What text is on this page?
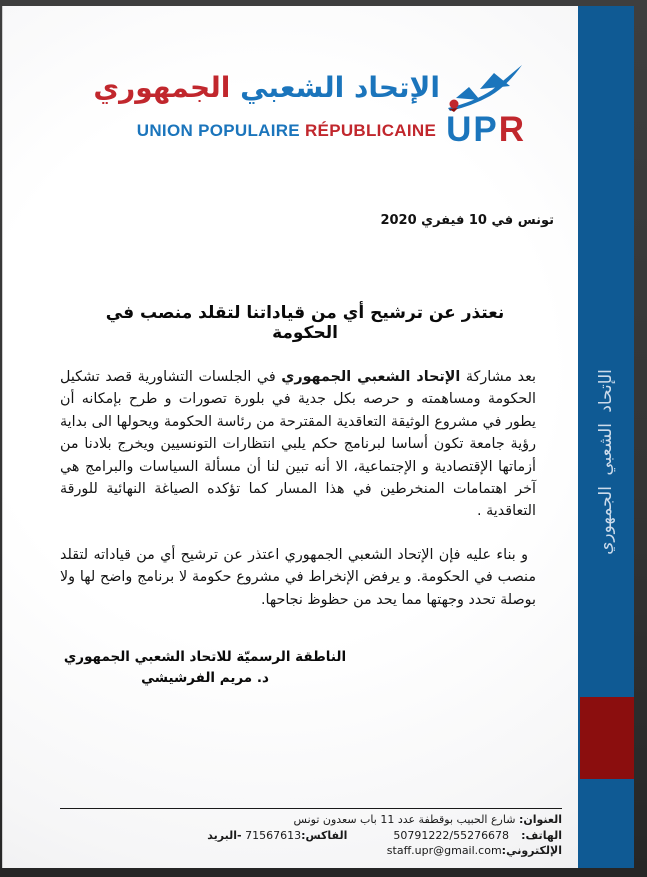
الإتحاد الشعبي الجمهوري
UNION POPULAIRE RÉPUBLICAINE UPR
تونس في 10 فيفري 2020
نعتذر عن ترشيح أي من قياداتنا لتقلد منصب في الحكومة

بعد مشاركة الإتحاد الشعبي الجمهوري في الجلسات التشاورية قصد تشكيل الحكومة ومساهمته و حرصه بكل جدية في بلورة تصورات و طرح بإمكانه أن يطور في مشروع الوثيقة التعاقدية المقترحة من رئاسة الحكومة ويحولها الى بداية رؤية جامعة تكون أساسا لبرنامج حكم يلبي انتظارات التونسيين ويخرج بلادنا من أزماتها الإقتصادية و الإجتماعية، الا أنه تبين لنا أن مسألة السياسات والبرامج هي آخر اهتمامات المنخرطين في هذا المسار كما تؤكده الصياغة النهائية للورقة التعاقدية .

و بناء عليه فإن الإتحاد الشعبي الجمهوري اعتذر عن ترشيح أي من قياداته لتقلد منصب في الحكومة. و يرفض الإنخراط في مشروع حكومة لا برنامج واضح لها ولا بوصلة تحدد وجهتها مما يحد من حظوظ نجاحها.

الناطقة الرسميّة للاتحاد الشعبي الجمهوري
د. مريم الفرشيشي
العنوان: شارع الحبيب بوقطفة عدد 11 باب سعدون تونس
الهاتف:50791222/55276678الفاكس:71567613 -البريد الإلكتروني:staff.upr@gmail.com
الإتحاد الشعبي الجمهوري
